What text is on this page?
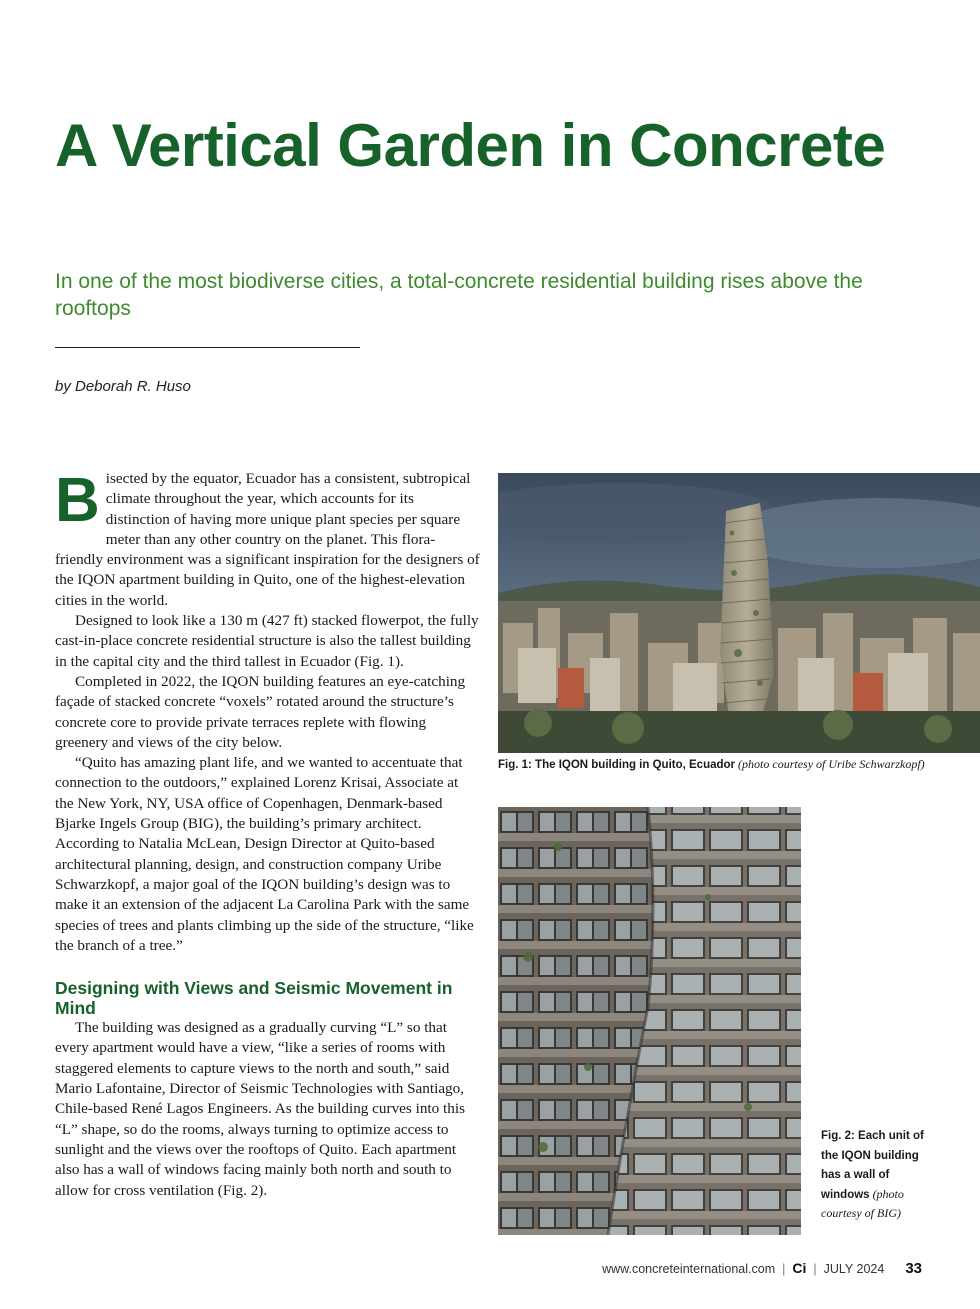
A Vertical Garden in Concrete

In one of the most biodiverse cities, a total-concrete residential building rises above the rooftops

by Deborah R. Huso

Bisected by the equator, Ecuador has a consistent, subtropical climate throughout the year, which accounts for its distinction of having more unique plant species per square meter than any other country on the planet. This flora-friendly environment was a significant inspiration for the designers of the IQON apartment building in Quito, one of the highest-elevation cities in the world.

Designed to look like a 130 m (427 ft) stacked flowerpot, the fully cast-in-place concrete residential structure is also the tallest building in the capital city and the third tallest in Ecuador (Fig. 1).

Completed in 2022, the IQON building features an eye-catching façade of stacked concrete “voxels” rotated around the structure’s concrete core to provide private terraces replete with flowing greenery and views of the city below.

“Quito has amazing plant life, and we wanted to accentuate that connection to the outdoors,” explained Lorenz Krisai, Associate at the New York, NY, USA office of Copenhagen, Denmark-based Bjarke Ingels Group (BIG), the building’s primary architect. According to Natalia McLean, Design Director at Quito-based architectural planning, design, and construction company Uribe Schwarzkopf, a major goal of the IQON building’s design was to make it an extension of the adjacent La Carolina Park with the same species of trees and plants climbing up the side of the structure, “like the branch of a tree.”

Designing with Views and Seismic Movement in Mind

The building was designed as a gradually curving “L” so that every apartment would have a view, “like a series of rooms with staggered elements to capture views to the north and south,” said Mario Lafontaine, Director of Seismic Technologies with Santiago, Chile-based René Lagos Engineers. As the building curves into this “L” shape, so do the rooms, always turning to optimize access to sunlight and the views over the rooftops of Quito. Each apartment also has a wall of windows facing mainly both north and south to allow for cross ventilation (Fig. 2).

Fig. 1: The IQON building in Quito, Ecuador (photo courtesy of Uribe Schwarzkopf)
Fig. 2: Each unit of the IQON building has a wall of windows (photo courtesy of BIG)
www.concreteinternational.com | Ci | JULY 2024 33
